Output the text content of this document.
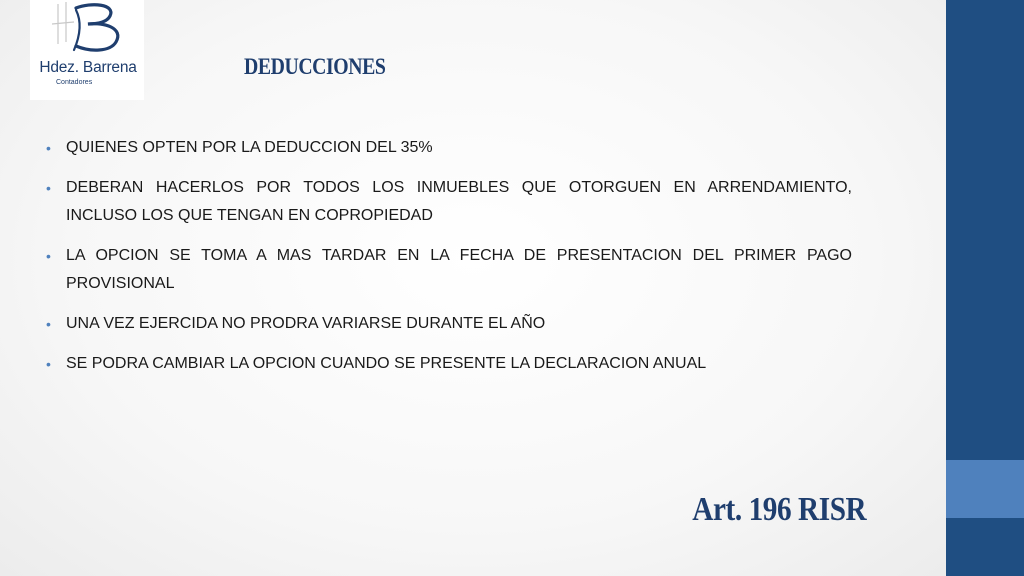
Hdez. Barrena
Contadores
DEDUCCIONES
• QUIENES OPTEN POR LA DEDUCCION DEL 35%
• DEBERAN HACERLOS POR TODOS LOS INMUEBLES QUE OTORGUEN EN ARRENDAMIENTO, INCLUSO LOS QUE TENGAN EN COPROPIEDAD
• LA OPCION SE TOMA A MAS TARDAR EN LA FECHA DE PRESENTACION DEL PRIMER PAGO PROVISIONAL
• UNA VEZ EJERCIDA NO PRODRA VARIARSE DURANTE EL AÑO
• SE PODRA CAMBIAR LA OPCION CUANDO SE PRESENTE LA DECLARACION ANUAL
Art. 196 RISR
